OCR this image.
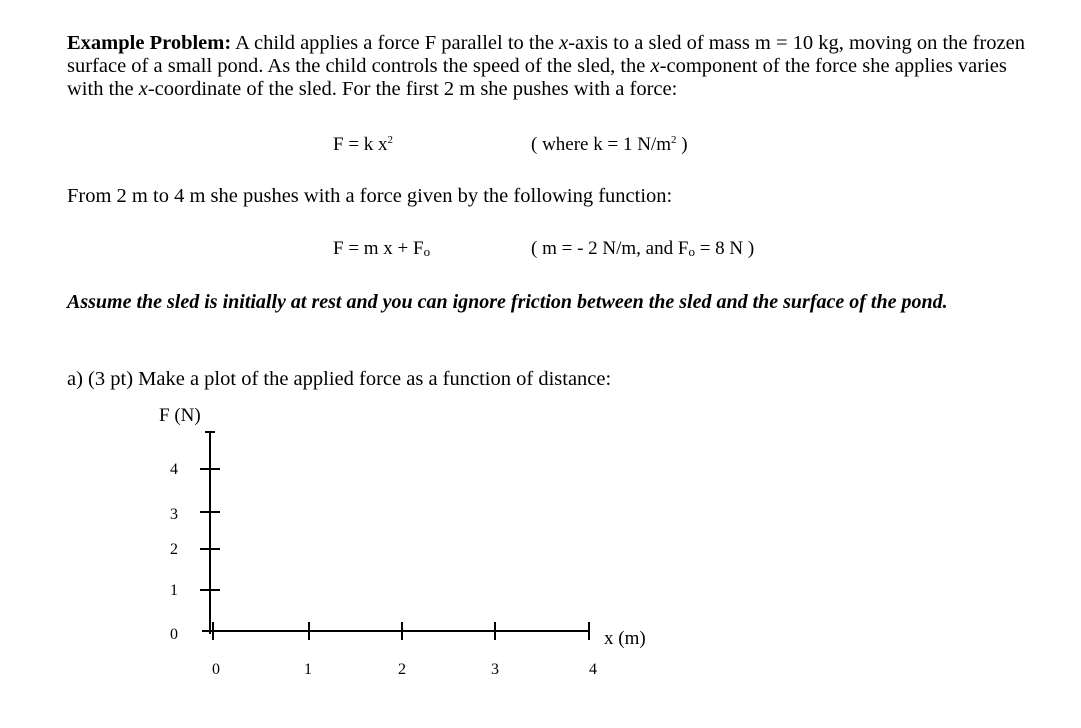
Example Problem: A child applies a force F parallel to the x-axis to a sled of mass m = 10 kg, moving on the frozen surface of a small pond. As the child controls the speed of the sled, the x-component of the force she applies varies with the x-coordinate of the sled. For the first 2 m she pushes with a force:
F = k $x^2$	( where k = 1 $N/m^2$ )
From 2 m to 4 m she pushes with a force given by the following function:
F = m $x + F_o$	( m = - 2 N/m, and $F_o = 8$ N )
Assume the sled is initially at rest and you can ignore friction between the sled and the surface of the pond.
a) (3 pt) Make a plot of the applied force as a function of distance:
F (N)
x (m)
0
1
2
3
4
0	1	2	3	4
